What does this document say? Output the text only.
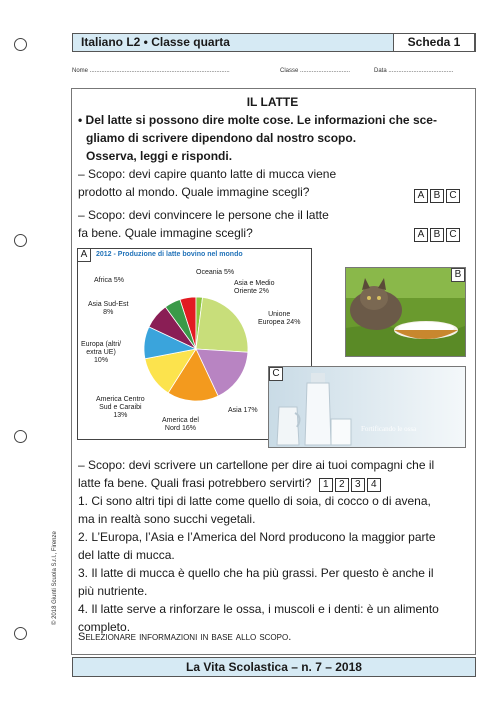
Italiano L2 • Classe quarta	Scheda 1
Nome ....................................................................................	Classe ..............................	Data .......................................
IL LATTE
• Del latte si possono dire molte cose. Le informazioni che sce-
gliamo di scrivere dipendono dal nostro scopo.
Osserva, leggi e rispondi.
– Scopo: devi capire quanto latte di mucca viene
prodotto al mondo. Quale immagine scegli?	A B C
– Scopo: devi convincere le persone che il latte
fa bene. Quale immagine scegli?	A B C
A	2012 - Produzione di latte bovino nel mondo
Oceania 5%
Asia e Medio
Oriente 2%
Unione
Europea 24%
Asia 17%
America del
Nord 16%
America Centro
Sud e Caraibi
13%
Europa (altri/
extra UE)
10%
Asia Sud-Est
8%
Africa 5%
B
Fortificando le ossa
C
– Scopo: devi scrivere un cartellone per dire ai tuoi compagni che il
latte fa bene. Quali frasi potrebbero servirti? 1 2 3 4
1. Ci sono altri tipi di latte come quello di soia, di cocco o di avena,
ma in realtà sono succhi vegetali.
2. L’Europa, l’Asia e l’America del Nord producono la maggior parte
del latte di mucca.
3. Il latte di mucca è quello che ha più grassi. Per questo è anche il
più nutriente.
4. Il latte serve a rinforzare le ossa, i muscoli e i denti: è un alimento
completo.
Selezionare informazioni in base allo scopo.
© 2018 Giunti Scuola S.r.l., Firenze
La Vita Scolastica – n. 7 – 2018
